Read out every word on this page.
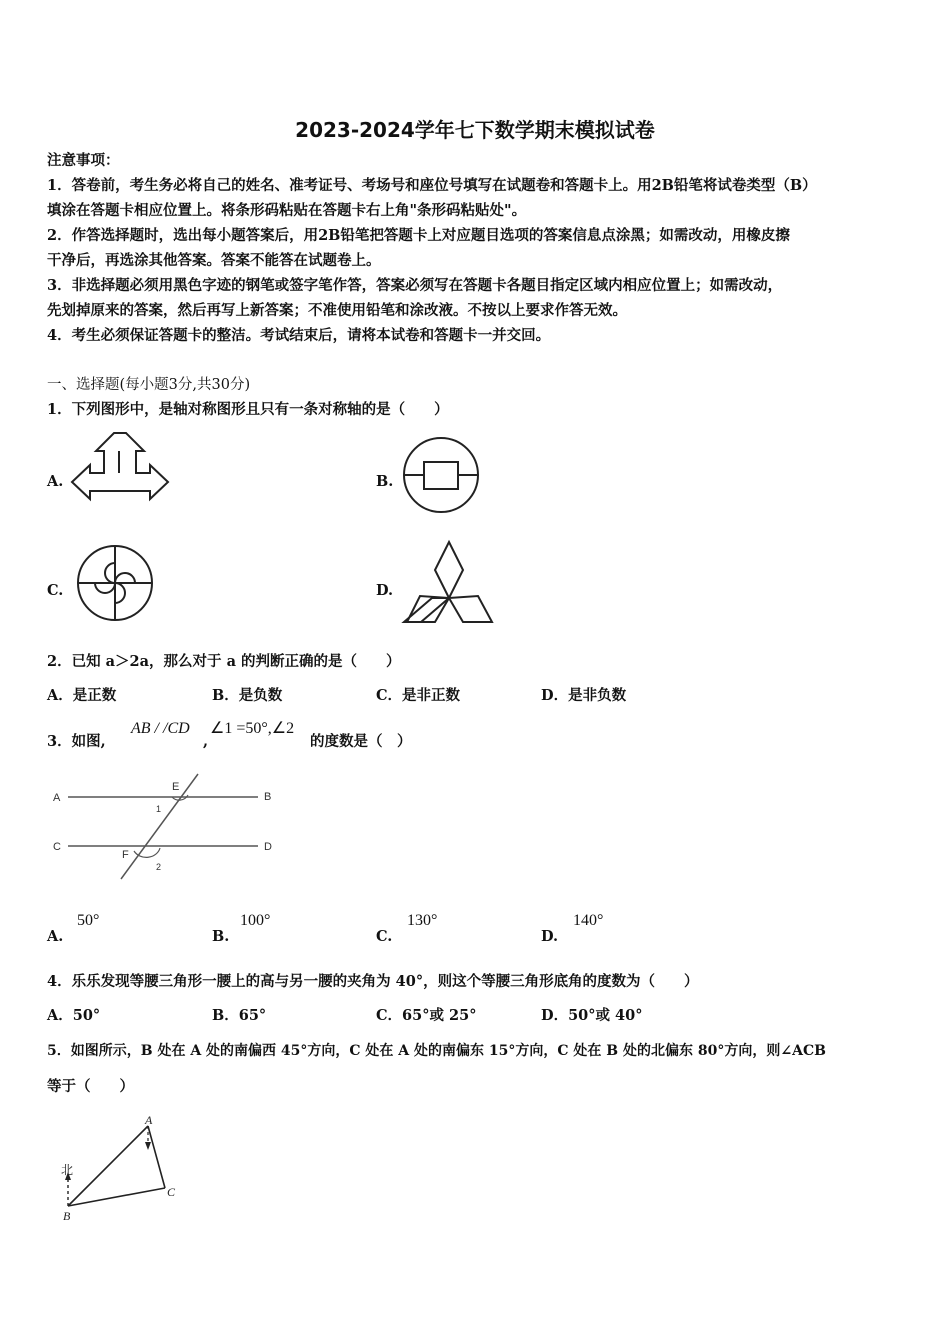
2023-2024学年七下数学期末模拟试卷

注意事项：

1．答卷前，考生务必将自己的姓名、准考证号、考场号和座位号填写在试题卷和答题卡上。用2B铅笔将试卷类型（B）

填涂在答题卡相应位置上。将条形码粘贴在答题卡右上角"条形码粘贴处"。

2．作答选择题时，选出每小题答案后，用2B铅笔把答题卡上对应题目选项的答案信息点涂黑；如需改动，用橡皮擦

干净后，再选涂其他答案。答案不能答在试题卷上。

3．非选择题必须用黑色字迹的钢笔或签字笔作答，答案必须写在答题卡各题目指定区域内相应位置上；如需改动，

先划掉原来的答案，然后再写上新答案；不准使用铅笔和涂改液。不按以上要求作答无效。

4．考生必须保证答题卡的整洁。考试结束后，请将本试卷和答题卡一并交回。

一、选择题(每小题3分,共30分)
1．下列图形中，是轴对称图形且只有一条对称轴的是（　　）
A.	B.
C.	D.
2．已知 a＞2a，那么对于 a 的判断正确的是（　　）
A．是正数	B．是负数	C．是非正数	D．是非负数
3．如图,
AB / /CD
,
∠1 =50°,∠2
的度数是（　）
A	B
C	D
E
F
1
2
A.
50°
B.
100°
C.
130°
D.
140°
4．乐乐发现等腰三角形一腰上的高与另一腰的夹角为 40°，则这个等腰三角形底角的度数为（　　）
A．50°	B．65°	C．65°或 25°	D．50°或 40°
5．如图所示，B 处在 A 处的南偏西 45°方向，C 处在 A 处的南偏东 15°方向，C 处在 B 处的北偏东 80°方向，则∠ACB
等于（　　）
北
A
B
C
